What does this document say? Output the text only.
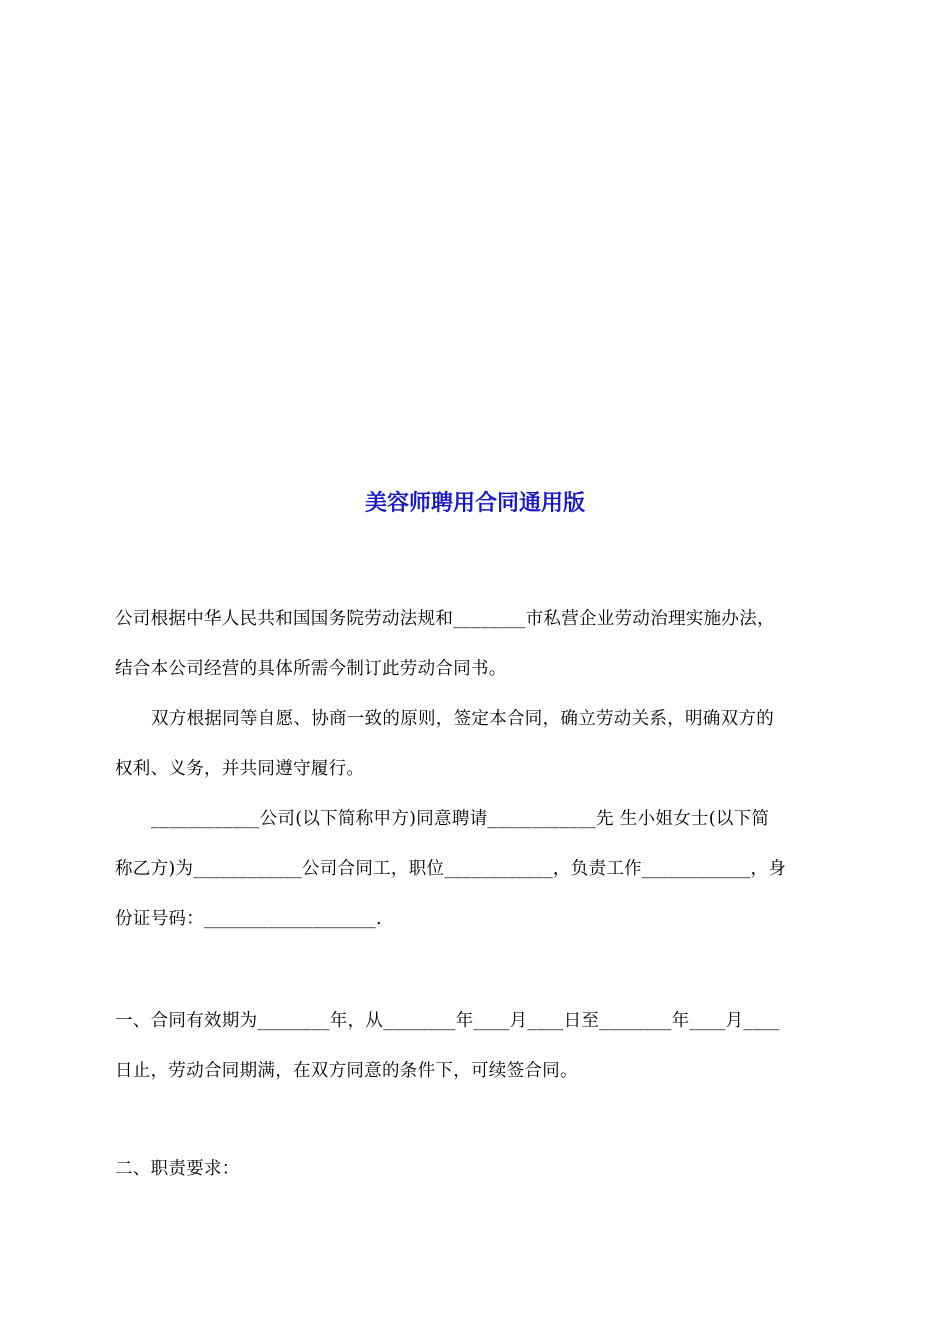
美容师聘用合同通用版
公司根据中华人民共和国国务院劳动法规和________市私营企业劳动治理实施办法，
结合本公司经营的具体所需今制订此劳动合同书。
双方根据同等自愿、协商一致的原则，签定本合同，确立劳动关系，明确双方的
权利、义务，并共同遵守履行。
____________公司(以下简称甲方)同意聘请____________先 生小姐女士(以下简
称乙方)为____________公司合同工，职位____________，负责工作____________，身
份证号码：___________________.
一、合同有效期为________年，从________年____月____日至________年____月____
日止，劳动合同期满，在双方同意的条件下，可续签合同。
二、职责要求：
